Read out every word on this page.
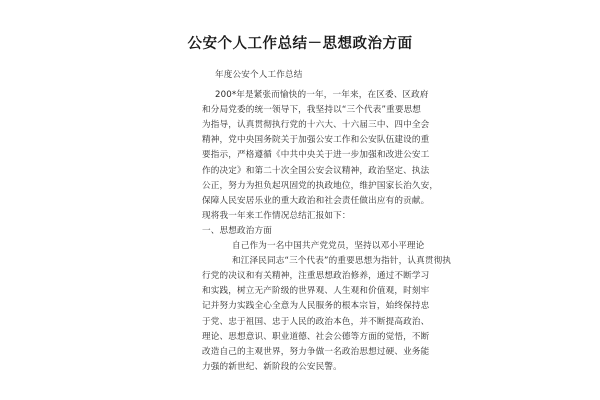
公安个人工作总结－思想政治方面
年度公安个人工作总结
200*年是紧张而愉快的一年，一年来，在区委、区政府
和分局党委的统一领导下，我坚持以“三个代表”重要思想
为指导，认真贯彻执行党的十六大、十六届三中、四中全会
精神，党中央国务院关于加强公安工作和公安队伍建设的重
要指示，严格遵循《中共中央关于进一步加强和改进公安工
作的决定》和第二十次全国公安会议精神，政治坚定、执法
公正，努力为担负起巩固党的执政地位，维护国家长治久安，
保障人民安居乐业的重大政治和社会责任做出应有的贡献。
现将我一年来工作情况总结汇报如下：
一、思想政治方面
自己作为一名中国共产党党员，坚持以邓小平理论
和江泽民同志“三个代表”的重要思想为指针，认真贯彻执
行党的决议和有关精神，注重思想政治修养，通过不断学习
和实践，树立无产阶级的世界观、人生观和价值观，时刻牢
记并努力实践全心全意为人民服务的根本宗旨，始终保持忠
于党、忠于祖国、忠于人民的政治本色，并不断提高政治、
理论、思想意识、职业道德、社会公德等方面的觉悟，不断
改造自己的主观世界，努力争做一名政治思想过硬、业务能
力强的新世纪、新阶段的公安民警。
